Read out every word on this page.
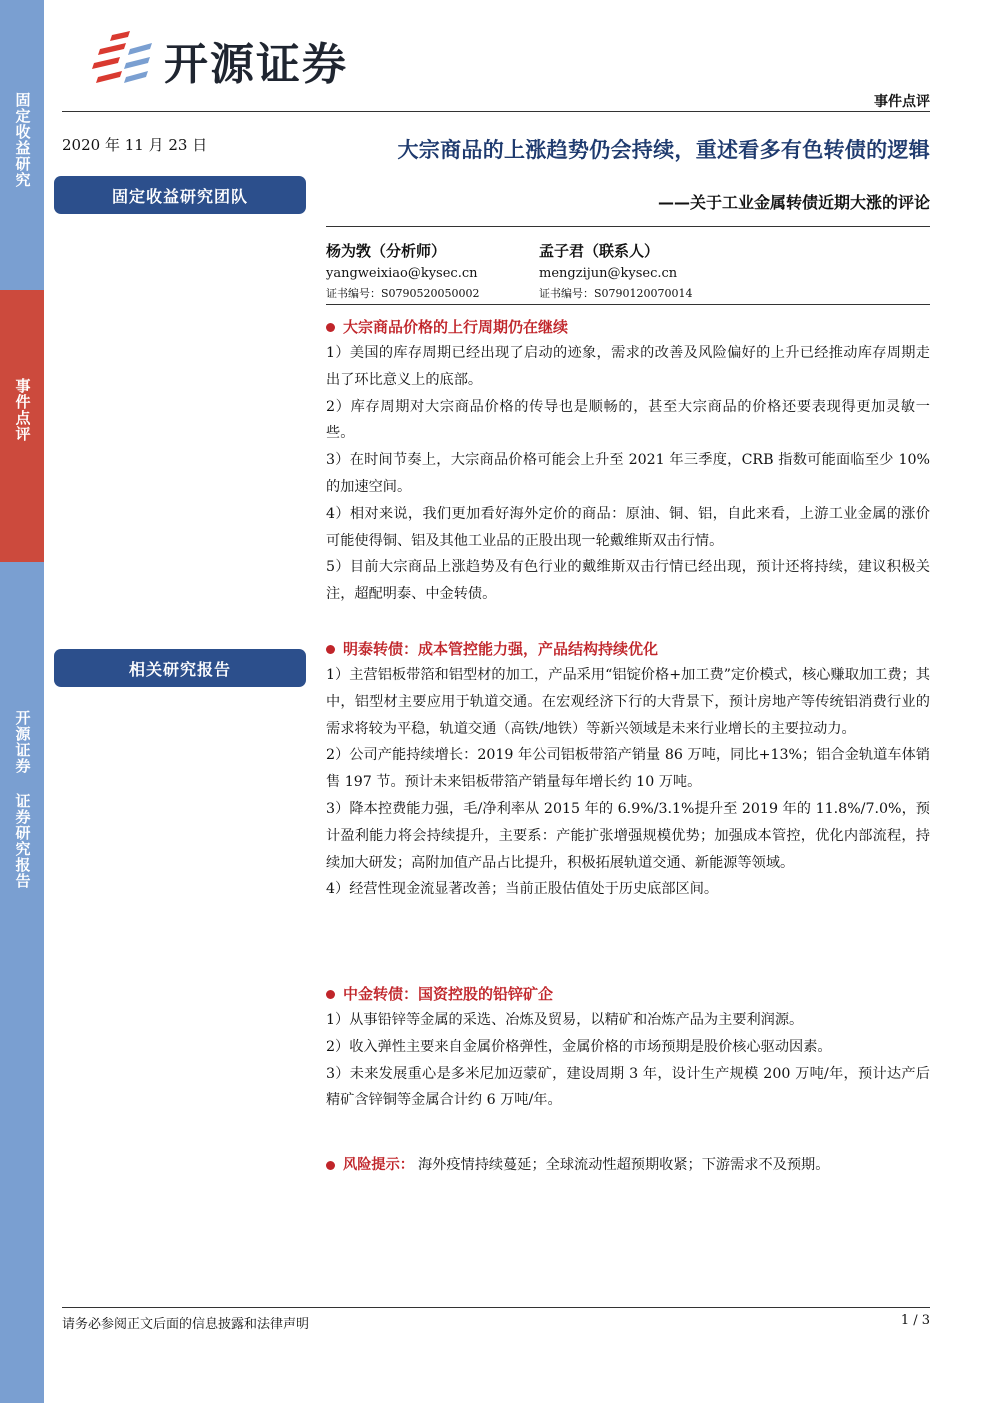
固定收益研究
事件点评
开源证券 证券研究报告
开源证券
事件点评
2020 年 11 月 23 日
固定收益研究团队
相关研究报告
大宗商品的上涨趋势仍会持续，重述看多有色转债的逻辑
——关于工业金属转债近期大涨的评论
杨为敩（分析师）
yangweixiao@kysec.cn
证书编号：S0790520050002
孟子君（联系人）
mengzijun@kysec.cn
证书编号：S0790120070014
大宗商品价格的上行周期仍在继续
1）美国的库存周期已经出现了启动的迹象，需求的改善及风险偏好的上升已经推动库存周期走出了环比意义上的底部。
2）库存周期对大宗商品价格的传导也是顺畅的，甚至大宗商品的价格还要表现得更加灵敏一些。
3）在时间节奏上，大宗商品价格可能会上升至 2021 年三季度，CRB 指数可能面临至少 10%的加速空间。
4）相对来说，我们更加看好海外定价的商品：原油、铜、铝，自此来看，上游工业金属的涨价可能使得铜、铝及其他工业品的正股出现一轮戴维斯双击行情。
5）目前大宗商品上涨趋势及有色行业的戴维斯双击行情已经出现，预计还将持续，建议积极关注，超配明泰、中金转债。
明泰转债：成本管控能力强，产品结构持续优化
1）主营铝板带箔和铝型材的加工，产品采用“铝锭价格+加工费”定价模式，核心赚取加工费；其中，铝型材主要应用于轨道交通。在宏观经济下行的大背景下，预计房地产等传统铝消费行业的需求将较为平稳，轨道交通（高铁/地铁）等新兴领域是未来行业增长的主要拉动力。
2）公司产能持续增长：2019 年公司铝板带箔产销量 86 万吨，同比+13%；铝合金轨道车体销售 197 节。预计未来铝板带箔产销量每年增长约 10 万吨。
3）降本控费能力强，毛/净利率从 2015 年的 6.9%/3.1%提升至 2019 年的 11.8%/7.0%，预计盈利能力将会持续提升，主要系：产能扩张增强规模优势；加强成本管控，优化内部流程，持续加大研发；高附加值产品占比提升，积极拓展轨道交通、新能源等领域。
4）经营性现金流显著改善；当前正股估值处于历史底部区间。
中金转债：国资控股的铅锌矿企
1）从事铅锌等金属的采选、冶炼及贸易，以精矿和冶炼产品为主要利润源。
2）收入弹性主要来自金属价格弹性，金属价格的市场预期是股价核心驱动因素。
3）未来发展重心是多米尼加迈蒙矿，建设周期 3 年，设计生产规模 200 万吨/年，预计达产后精矿含锌铜等金属合计约 6 万吨/年。
风险提示： 海外疫情持续蔓延；全球流动性超预期收紧；下游需求不及预期。
请务必参阅正文后面的信息披露和法律声明	1 / 3
